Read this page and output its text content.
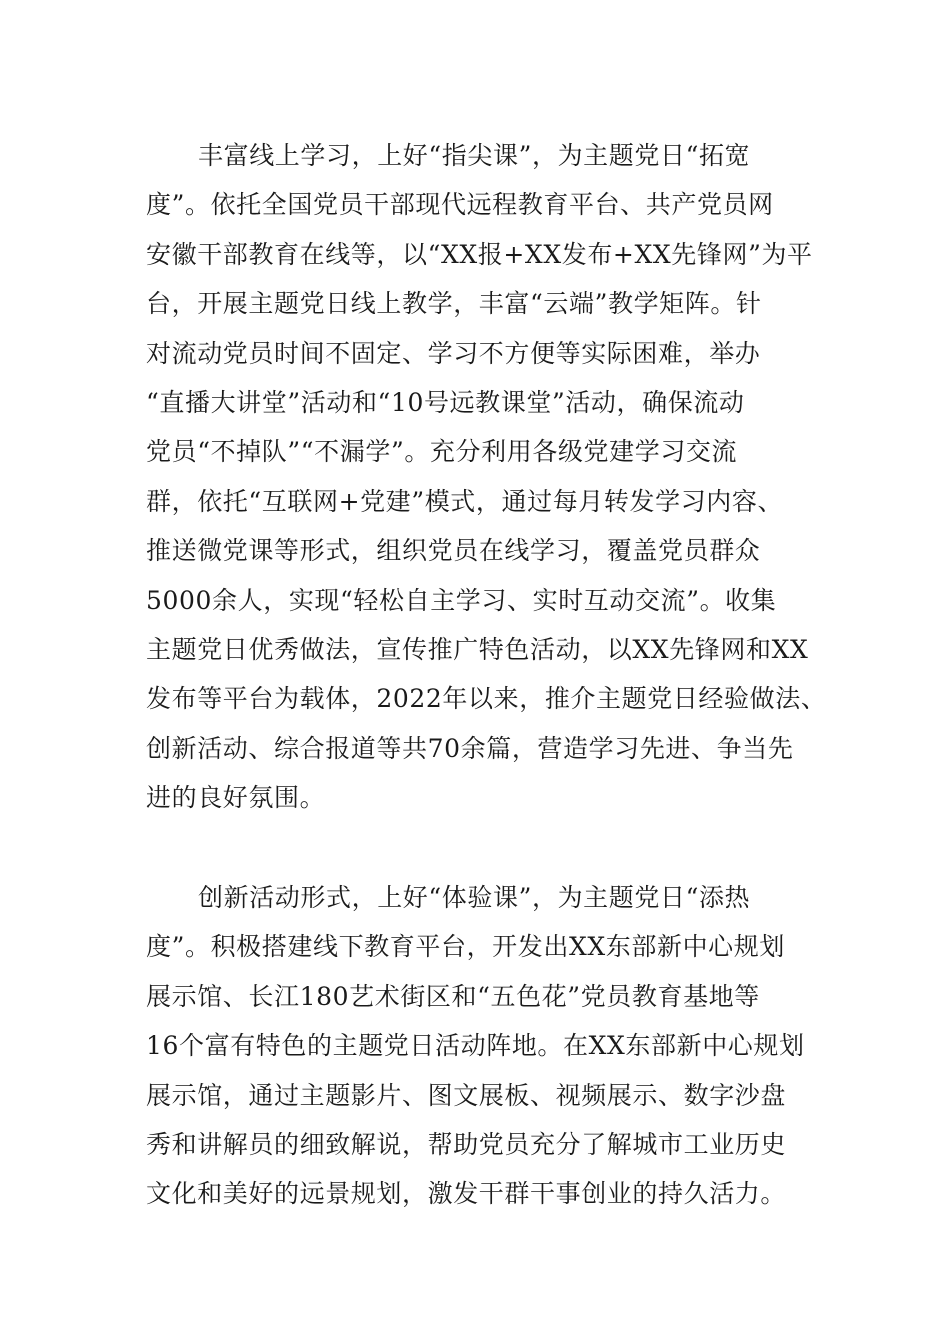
丰富线上学习，上好“指尖课”，为主题党日“拓宽
度”。依托全国党员干部现代远程教育平台、共产党员网
安徽干部教育在线等，以“XX报+XX发布+XX先锋网”为平
台，开展主题党日线上教学，丰富“云端”教学矩阵。针
对流动党员时间不固定、学习不方便等实际困难，举办
“直播大讲堂”活动和“10号远教课堂”活动，确保流动
党员“不掉队”“不漏学”。充分利用各级党建学习交流
群，依托“互联网+党建”模式，通过每月转发学习内容、
推送微党课等形式，组织党员在线学习，覆盖党员群众
5000余人，实现“轻松自主学习、实时互动交流”。收集
主题党日优秀做法，宣传推广特色活动，以XX先锋网和XX
发布等平台为载体，2022年以来，推介主题党日经验做法、
创新活动、综合报道等共70余篇，营造学习先进、争当先
进的良好氛围。
创新活动形式，上好“体验课”，为主题党日“添热
度”。积极搭建线下教育平台，开发出XX东部新中心规划
展示馆、长江180艺术街区和“五色花”党员教育基地等
16个富有特色的主题党日活动阵地。在XX东部新中心规划
展示馆，通过主题影片、图文展板、视频展示、数字沙盘
秀和讲解员的细致解说，帮助党员充分了解城市工业历史
文化和美好的远景规划，激发干群干事创业的持久活力。
